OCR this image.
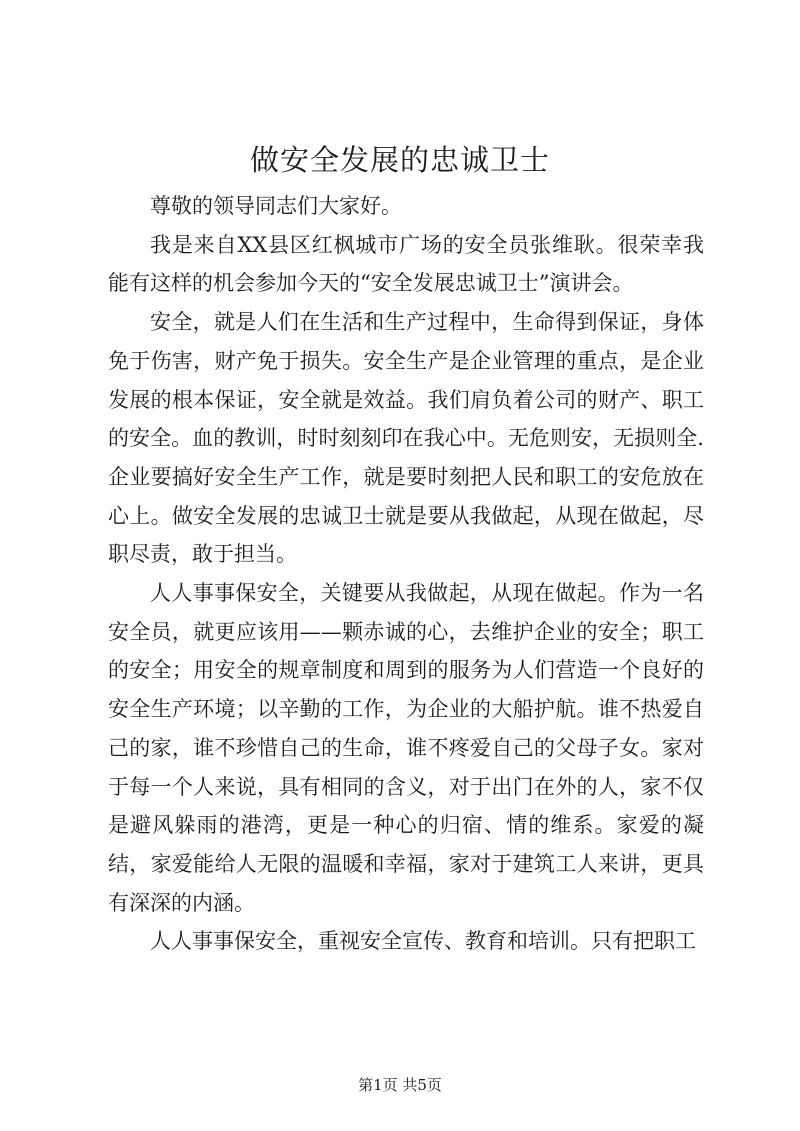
做安全发展的忠诚卫士

尊敬的领导同志们大家好。

我是来自XX县区红枫城市广场的安全员张维耿。很荣幸我能有这样的机会参加今天的“安全发展忠诚卫士”演讲会。

安全，就是人们在生活和生产过程中，生命得到保证，身体免于伤害，财产免于损失。安全生产是企业管理的重点，是企业发展的根本保证，安全就是效益。我们肩负着公司的财产、职工的安全。血的教训，时时刻刻印在我心中。无危则安，无损则全.企业要搞好安全生产工作，就是要时刻把人民和职工的安危放在心上。做安全发展的忠诚卫士就是要从我做起，从现在做起，尽职尽责，敢于担当。

人人事事保安全，关键要从我做起，从现在做起。作为一名安全员，就更应该用——颗赤诚的心，去维护企业的安全；职工的安全；用安全的规章制度和周到的服务为人们营造一个良好的安全生产环境；以辛勤的工作，为企业的大船护航。谁不热爱自己的家，谁不珍惜自己的生命，谁不疼爱自己的父母子女。家对于每一个人来说，具有相同的含义，对于出门在外的人，家不仅是避风躲雨的港湾，更是一种心的归宿、情的维系。家爱的凝结，家爱能给人无限的温暖和幸福，家对于建筑工人来讲，更具有深深的内涵。

人人事事保安全，重视安全宣传、教育和培训。只有把职工

第1页 共5页
